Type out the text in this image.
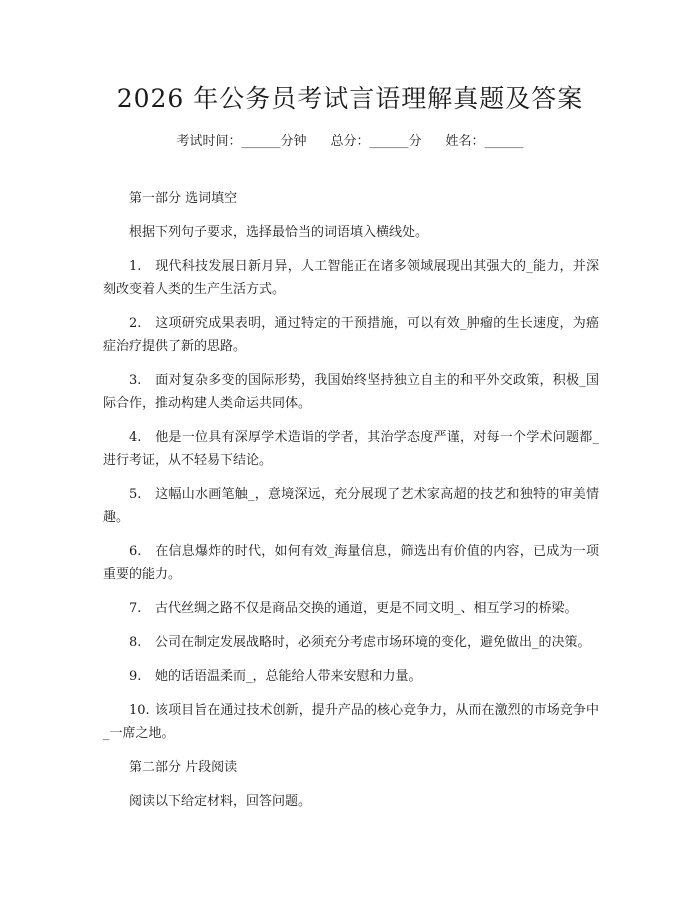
2026 年公务员考试言语理解真题及答案
考试时间：______分钟 总分：______分 姓名：______

第一部分 选词填空

根据下列句子要求，选择最恰当的词语填入横线处。

1. 现代科技发展日新月异，人工智能正在诸多领域展现出其强大的_能力，并深刻改变着人类的生产生活方式。

2. 这项研究成果表明，通过特定的干预措施，可以有效_肿瘤的生长速度，为癌症治疗提供了新的思路。

3. 面对复杂多变的国际形势，我国始终坚持独立自主的和平外交政策，积极_国际合作，推动构建人类命运共同体。

4. 他是一位具有深厚学术造诣的学者，其治学态度严谨，对每一个学术问题都_进行考证，从不轻易下结论。

5. 这幅山水画笔触_，意境深远，充分展现了艺术家高超的技艺和独特的审美情趣。

6. 在信息爆炸的时代，如何有效_海量信息，筛选出有价值的内容，已成为一项重要的能力。

7. 古代丝绸之路不仅是商品交换的通道，更是不同文明_、相互学习的桥梁。

8. 公司在制定发展战略时，必须充分考虑市场环境的变化，避免做出_的决策。

9. 她的话语温柔而_，总能给人带来安慰和力量。

10. 该项目旨在通过技术创新，提升产品的核心竞争力，从而在激烈的市场竞争中_一席之地。

第二部分 片段阅读

阅读以下给定材料，回答问题。
